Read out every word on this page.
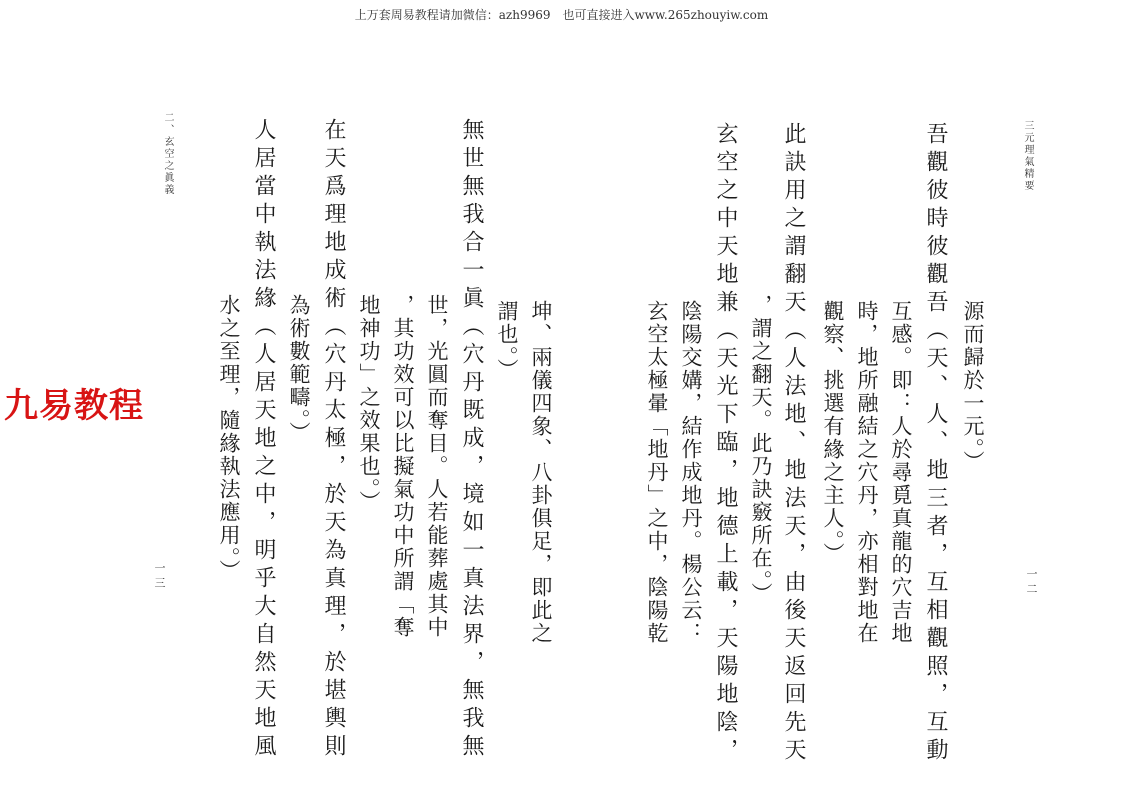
上万套周易教程请加微信：azh9969　也可直接进入www.265zhouyiw.com
九易教程
三元理氣精要
一二
源而歸於一元。）
吾觀彼時彼觀吾（天、人、地三者，互相觀照，互動
互感。即：人於尋覓真龍的穴吉地
時，地所融結之穴丹，亦相對地在
觀察、挑選有緣之主人。）
此訣用之謂翻天（人法地、地法天，由後天返回先天
，謂之翻天。此乃訣竅所在。）
玄空之中天地兼（天光下臨，地德上載，天陽地陰，
陰陽交媾，結作成地丹。楊公云：
玄空太極暈「地丹」之中，陰陽乾
坤、兩儀四象、八卦俱足，即此之
謂也。）
無世無我合一眞（穴丹既成，境如一真法界，無我無
世，光圓而奪目。人若能葬處其中
，其功效可以比擬氣功中所謂「奪
地神功」之效果也。）
在天爲理地成術（穴丹太極，於天為真理，於堪輿則
為術數範疇。）
人居當中執法緣（人居天地之中，明乎大自然天地風
水之至理，隨緣執法應用。）
二、玄空之眞義
一三
